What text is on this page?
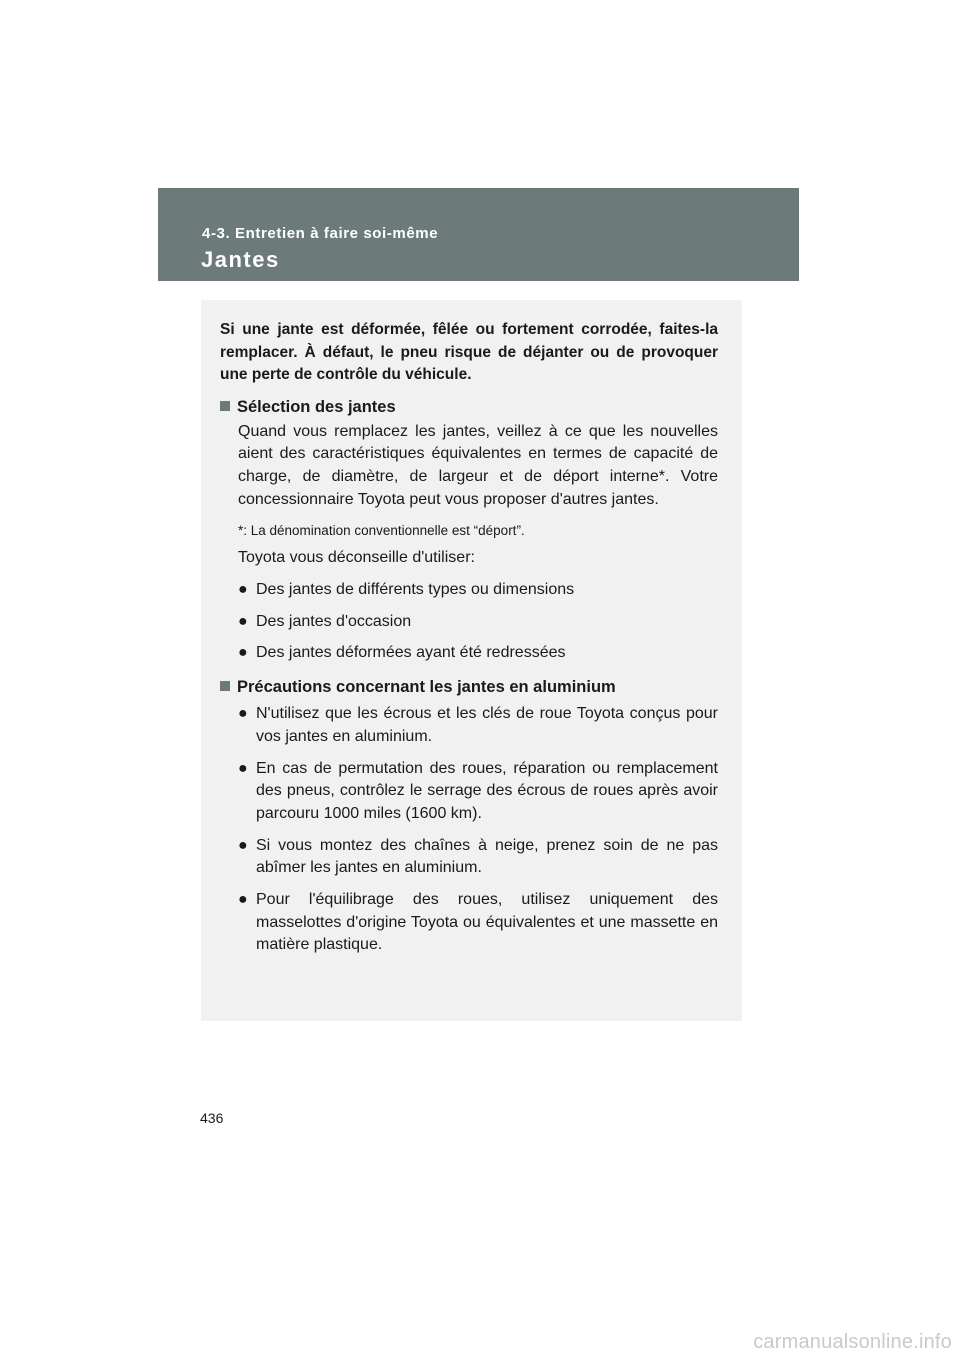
4-3. Entretien à faire soi-même
Jantes

Si une jante est déformée, fêlée ou fortement corrodée, faites-la remplacer. À défaut, le pneu risque de déjanter ou de provoquer une perte de contrôle du véhicule.

Sélection des jantes

Quand vous remplacez les jantes, veillez à ce que les nouvelles aient des caractéristiques équivalentes en termes de capacité de charge, de diamètre, de largeur et de déport interne*. Votre concessionnaire Toyota peut vous proposer d'autres jantes.

*: La dénomination conventionnelle est “déport”.
Toyota vous déconseille d'utiliser:
● Des jantes de différents types ou dimensions
● Des jantes d'occasion
● Des jantes déformées ayant été redressées
Précautions concernant les jantes en aluminium
● N'utilisez que les écrous et les clés de roue Toyota conçus pour vos jantes en aluminium.
● En cas de permutation des roues, réparation ou remplacement des pneus, contrôlez le serrage des écrous de roues après avoir parcouru 1000 miles (1600 km).
● Si vous montez des chaînes à neige, prenez soin de ne pas abîmer les jantes en aluminium.
● Pour l'équilibrage des roues, utilisez uniquement des masselottes d'origine Toyota ou équivalentes et une massette en matière plastique.
436
carmanualsonline.info
